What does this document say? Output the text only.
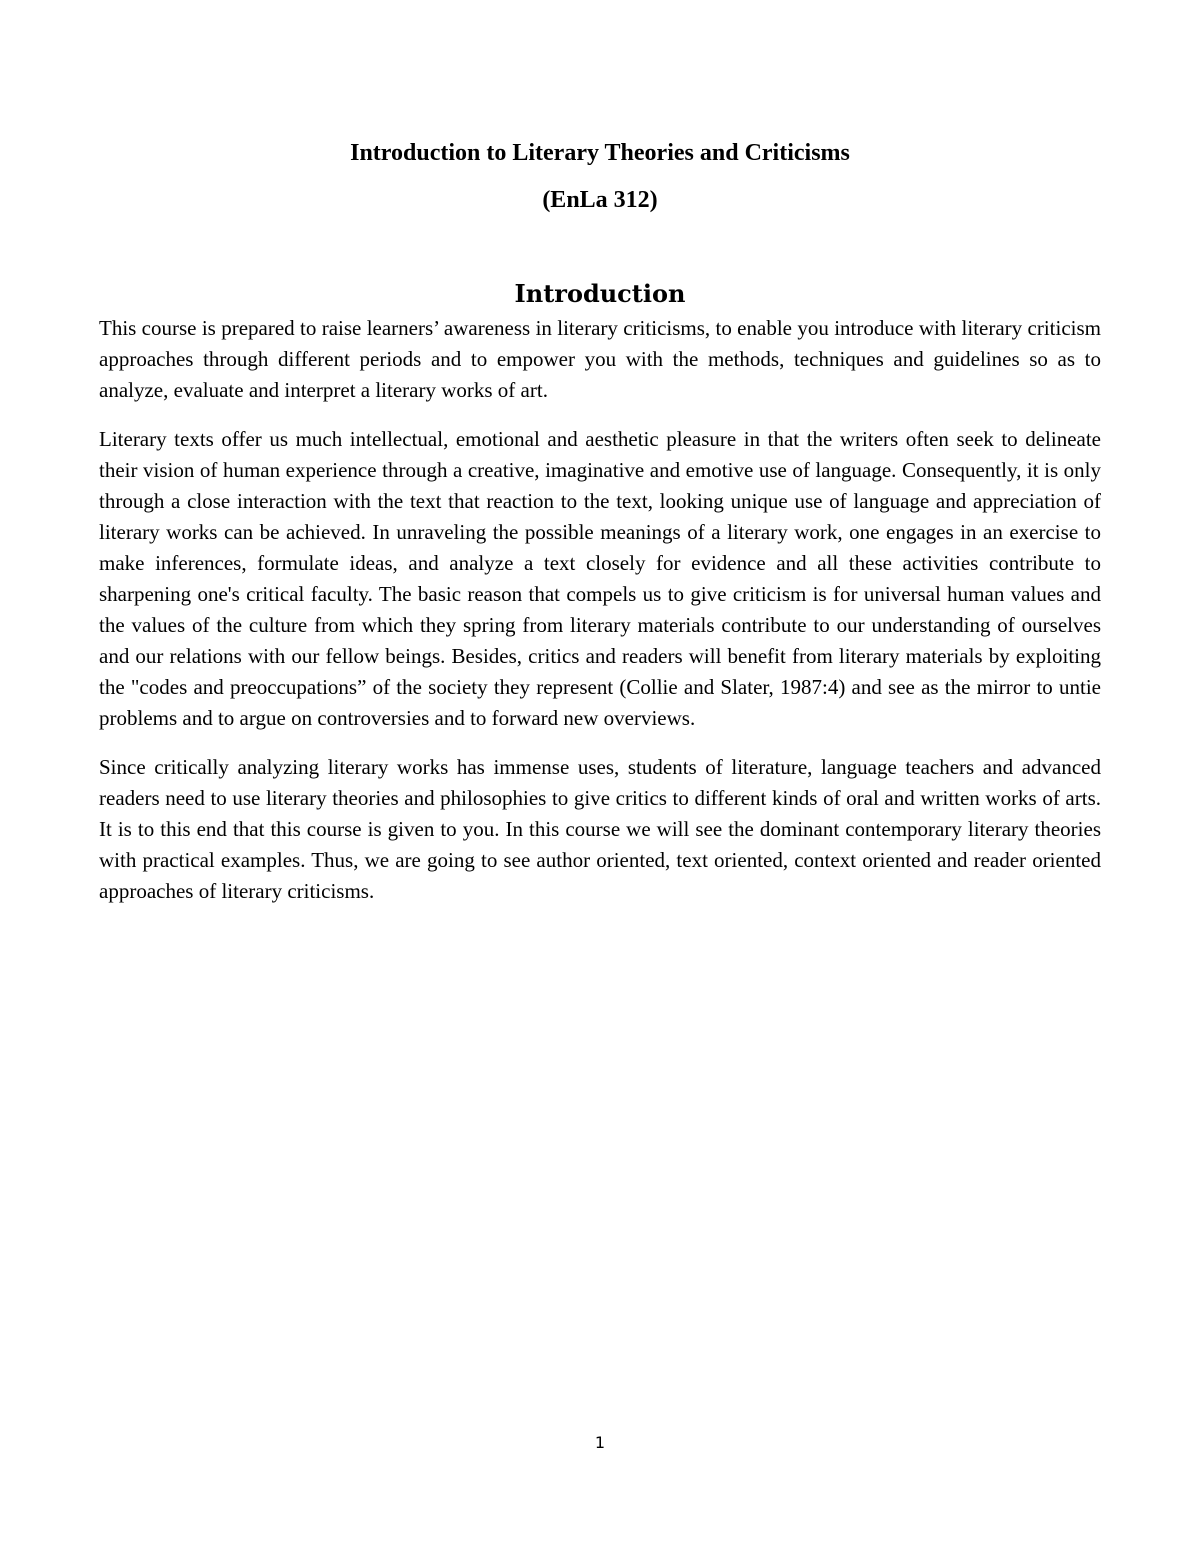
Introduction to Literary Theories and Criticisms
(EnLa 312)
Introduction

This course is prepared to raise learners’ awareness in literary criticisms, to enable you introduce with literary criticism approaches through different periods and to empower you with the methods, techniques and guidelines so as to analyze, evaluate and interpret a literary works of art.

Literary texts offer us much intellectual, emotional and aesthetic pleasure in that the writers often seek to delineate their vision of human experience through a creative, imaginative and emotive use of language. Consequently, it is only through a close interaction with the text that reaction to the text, looking unique use of language and appreciation of literary works can be achieved. In unraveling the possible meanings of a literary work, one engages in an exercise to make inferences, formulate ideas, and analyze a text closely for evidence and all these activities contribute to sharpening one's critical faculty. The basic reason that compels us to give criticism is for universal human values and the values of the culture from which they spring from literary materials contribute to our understanding of ourselves and our relations with our fellow beings. Besides, critics and readers will benefit from literary materials by exploiting the "codes and preoccupations” of the society they represent (Collie and Slater, 1987:4) and see as the mirror to untie problems and to argue on controversies and to forward new overviews.

Since critically analyzing literary works has immense uses, students of literature, language teachers and advanced readers need to use literary theories and philosophies to give critics to different kinds of oral and written works of arts. It is to this end that this course is given to you. In this course we will see the dominant contemporary literary theories with practical examples. Thus, we are going to see author oriented, text oriented, context oriented and reader oriented approaches of literary criticisms.

1
